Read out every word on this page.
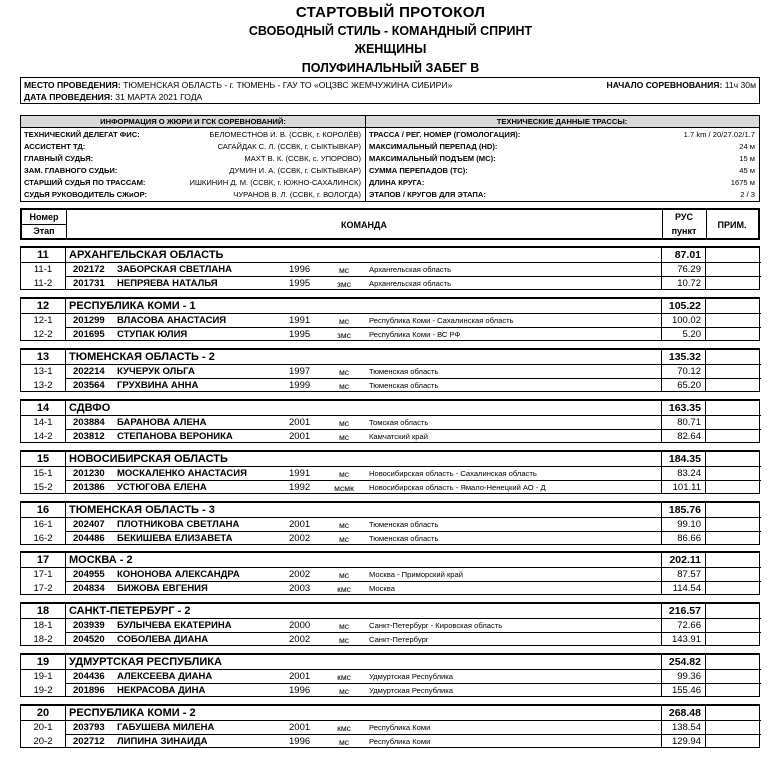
СТАРТОВЫЙ ПРОТОКОЛ
СВОБОДНЫЙ СТИЛЬ - КОМАНДНЫЙ СПРИНТ
ЖЕНЩИНЫ
ПОЛУФИНАЛЬНЫЙ ЗАБЕГ В
МЕСТО ПРОВЕДЕНИЯ: ТЮМЕНСКАЯ ОБЛАСТЬ - г. ТЮМЕНЬ - ГАУ ТО «ОЦЗВС ЖЕМЧУЖИНА СИБИРИ»	НАЧАЛО СОРЕВНОВАНИЯ: 11ч 30м
ДАТА ПРОВЕДЕНИЯ: 31 МАРТА 2021 ГОДА
ИНФОРМАЦИЯ О ЖЮРИ И ГСК СОРЕВНОВАНИЙ:	ТЕХНИЧЕСКИЕ ДАННЫЕ ТРАССЫ:
ТЕХНИЧЕСКИЙ ДЕЛЕГАТ ФИС:	БЕЛОМЕСТНОВ И. В. (ССВК, г. КОРОЛЁВ)
АССИСТЕНТ ТД:	САГАЙДАК С. Л. (ССВК, г. СЫКТЫВКАР)
ГЛАВНЫЙ СУДЬЯ:	МАХТ В. К. (ССВК, с. УПОРОВО)
ЗАМ. ГЛАВНОГО СУДЬИ:	ДУМИН И. А. (ССВК, г. СЫКТЫВКАР)
СТАРШИЙ СУДЬЯ ПО ТРАССАМ:	ИШКИНИН Д. М. (ССВК, г. ЮЖНО-САХАЛИНСК)
СУДЬЯ РУКОВОДИТЕЛЬ СЖиОР:	ЧУРАНОВ В. Л. (ССВК, г. ВОЛОГДА)
ТРАССА / РЕГ. НОМЕР (ГОМОЛОГАЦИЯ):	1.7 km / 20/27.02/1.7
МАКСИМАЛЬНЫЙ ПЕРЕПАД (HD):	24 м
МАКСИМАЛЬНЫЙ ПОДЪЕМ (MC):	15 м
СУММА ПЕРЕПАДОВ (TC):	45 м
ДЛИНА КРУГА:	1675 м
ЭТАПОВ / КРУГОВ ДЛЯ ЭТАПА:	2 / 3
Номер
Этап
КОМАНДА
РУС
пункт
ПРИМ.
11	АРХАНГЕЛЬСКАЯ ОБЛАСТЬ	87.01
11-1	202172 ЗАБОРСКАЯ СВЕТЛАНА	1996	мс	Архангельская область	76.29
11-2	201731 НЕПРЯЕВА НАТАЛЬЯ	1995	змс	Архангельская область	10.72
12	РЕСПУБЛИКА КОМИ - 1	105.22
12-1	201299 ВЛАСОВА АНАСТАСИЯ	1991	мс	Республика Коми - Сахалинская область	100.02
12-2	201695 СТУПАК ЮЛИЯ	1995	змс	Республика Коми - ВС РФ	5.20
13	ТЮМЕНСКАЯ ОБЛАСТЬ - 2	135.32
13-1	202214 КУЧЕРУК ОЛЬГА	1997	мс	Тюменская область	70.12
13-2	203564 ГРУХВИНА АННА	1999	мс	Тюменская область	65.20
14	СДВФО	163.35
14-1	203884 БАРАНОВА АЛЕНА	2001	мс	Томская область	80.71
14-2	203812 СТЕПАНОВА ВЕРОНИКА	2001	мс	Камчатский край	82.64
15	НОВОСИБИРСКАЯ ОБЛАСТЬ	184.35
15-1	201230 МОСКАЛЕНКО АНАСТАСИЯ	1991	мс	Новосибирская область - Сахалинская область	83.24
15-2	201386 УСТЮГОВА ЕЛЕНА	1992	мсмк	Новосибирская область - Ямало-Ненецкий АО - Д	101.11
16	ТЮМЕНСКАЯ ОБЛАСТЬ - 3	185.76
16-1	202407 ПЛОТНИКОВА СВЕТЛАНА	2001	мс	Тюменская область	99.10
16-2	204486 БЕКИШЕВА ЕЛИЗАВЕТА	2002	мс	Тюменская область	86.66
17	МОСКВА - 2	202.11
17-1	204955 КОНОНОВА АЛЕКСАНДРА	2002	мс	Москва - Приморский край	87.57
17-2	204834 БИЖОВА ЕВГЕНИЯ	2003	кмс	Москва	114.54
18	САНКТ-ПЕТЕРБУРГ - 2	216.57
18-1	203939 БУЛЫЧЕВА ЕКАТЕРИНА	2000	мс	Санкт-Петербург - Кировская область	72.66
18-2	204520 СОБОЛЕВА ДИАНА	2002	мс	Санкт-Петербург	143.91
19	УДМУРТСКАЯ РЕСПУБЛИКА	254.82
19-1	204436 АЛЕКСЕЕВА ДИАНА	2001	кмс	Удмуртская Республика	99.36
19-2	201896 НЕКРАСОВА ДИНА	1996	мс	Удмуртская Республика	155.46
20	РЕСПУБЛИКА КОМИ - 2	268.48
20-1	203793 ГАБУШЕВА МИЛЕНА	2001	кмс	Республика Коми	138.54
20-2	202712 ЛИПИНА ЗИНАИДА	1996	мс	Республика Коми	129.94
